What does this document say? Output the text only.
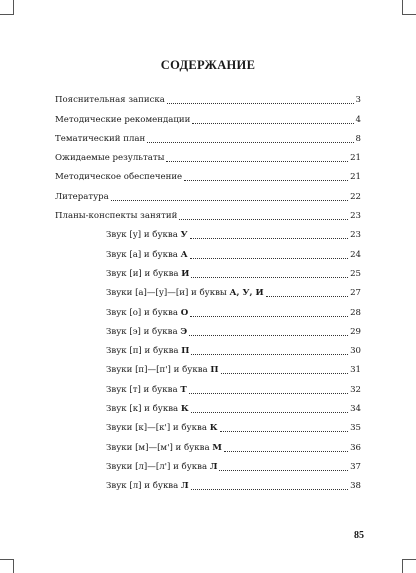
СОДЕРЖАНИЕ
Пояснительная записка	3
Методические рекомендации	4
Тематический план	8
Ожидаемые результаты	21
Методическое обеспечение	21
Литература	22
Планы-конспекты занятий	23
Звук [у] и буква У	23
Звук [а] и буква А	24
Звук [и] и буква И	25
Звуки [а]—[у]—[и] и буквы А, У, И	27
Звук [о] и буква О	28
Звук [э] и буква Э	29
Звук [п] и буква П	30
Звуки [п]—[п'] и буква П	31
Звук [т] и буква Т	32
Звук [к] и буква К	34
Звуки [к]—[к'] и буква К	35
Звуки [м]—[м'] и буква М	36
Звуки [л]—[л'] и буква Л	37
Звук [л] и буква Л	38
85
